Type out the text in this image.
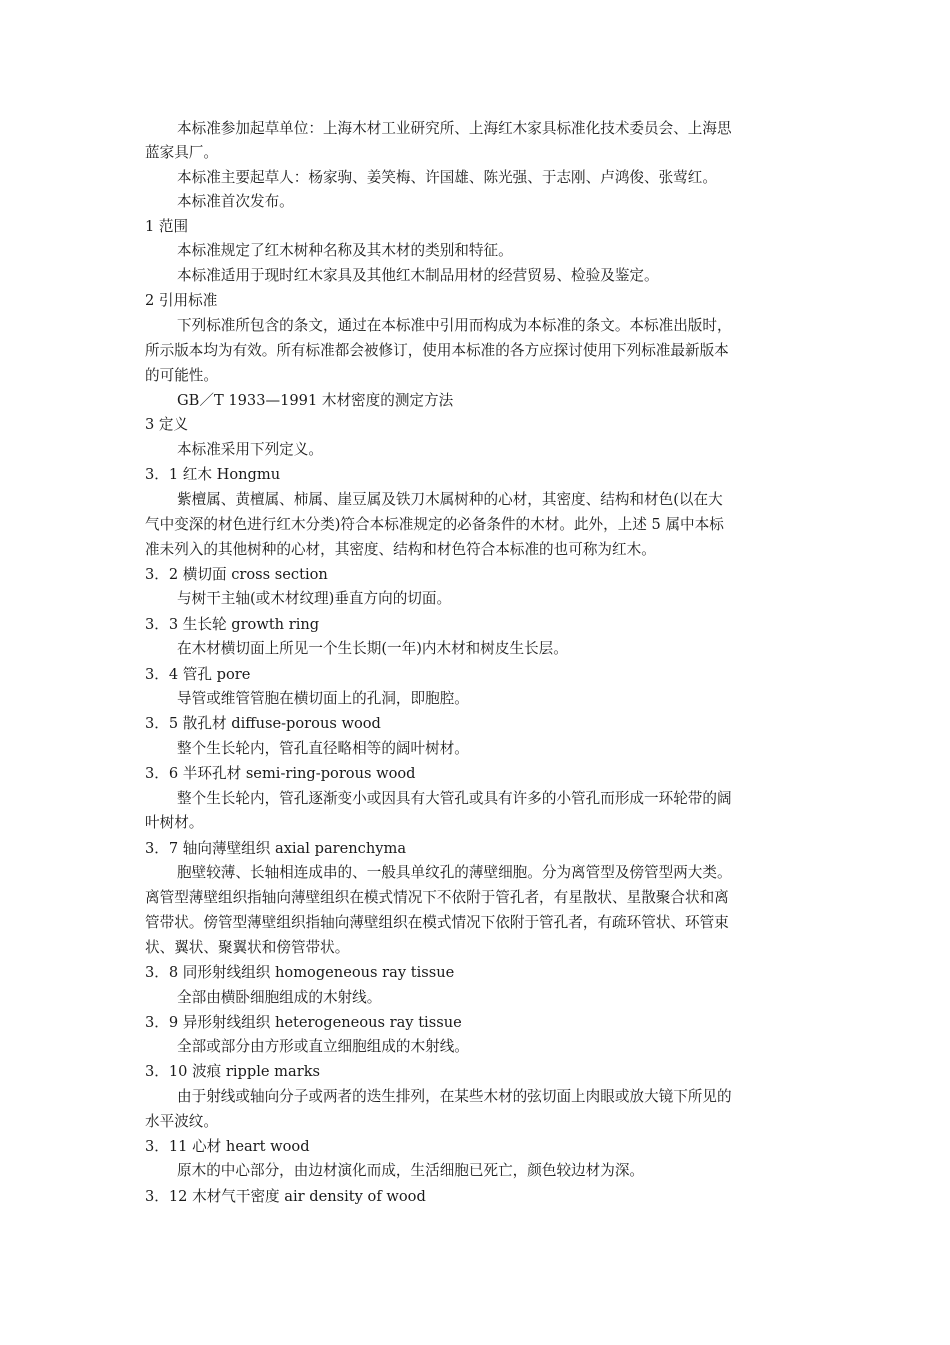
本标准参加起草单位：上海木材工业研究所、上海红木家具标准化技术委员会、上海思
蓝家具厂。
本标准主要起草人：杨家驹、姜笑梅、许国雄、陈光强、于志刚、卢鸿俊、张莺红。
本标准首次发布。
1 范围
本标准规定了红木树种名称及其木材的类别和特征。
本标准适用于现时红木家具及其他红木制品用材的经营贸易、检验及鉴定。
2 引用标准
下列标准所包含的条文，通过在本标准中引用而构成为本标准的条文。本标准出版时，
所示版本均为有效。所有标准都会被修订，使用本标准的各方应探讨使用下列标准最新版本
的可能性。
GB／T 1933—1991 木材密度的测定方法
3 定义
本标准采用下列定义。
3．1 红木 Hongmu
紫檀属、黄檀属、柿属、崖豆属及铁刀木属树种的心材，其密度、结构和材色(以在大
气中变深的材色进行红木分类)符合本标准规定的必备条件的木材。此外，上述 5 属中本标
准未列入的其他树种的心材，其密度、结构和材色符合本标准的也可称为红木。
3．2 横切面 cross section
与树干主轴(或木材纹理)垂直方向的切面。
3．3 生长轮 growth ring
在木材横切面上所见一个生长期(一年)内木材和树皮生长层。
3．4 管孔 pore
导管或维管管胞在横切面上的孔洞，即胞腔。
3．5 散孔材 diffuse-porous wood
整个生长轮内，管孔直径略相等的阔叶树材。
3．6 半环孔材 semi-ring-porous wood
整个生长轮内，管孔逐渐变小或因具有大管孔或具有许多的小管孔而形成一环轮带的阔
叶树材。
3．7 轴向薄壁组织 axial parenchyma
胞壁较薄、长轴相连成串的、一般具单纹孔的薄壁细胞。分为离管型及傍管型两大类。
离管型薄壁组织指轴向薄壁组织在模式情况下不依附于管孔者，有星散状、星散聚合状和离
管带状。傍管型薄壁组织指轴向薄壁组织在模式情况下依附于管孔者，有疏环管状、环管束
状、翼状、聚翼状和傍管带状。
3．8 同形射线组织 homogeneous ray tissue
全部由横卧细胞组成的木射线。
3．9 异形射线组织 heterogeneous ray tissue
全部或部分由方形或直立细胞组成的木射线。
3．10 波痕 ripple marks
由于射线或轴向分子或两者的迭生排列，在某些木材的弦切面上肉眼或放大镜下所见的
水平波纹。
3．11 心材 heart wood
原木的中心部分，由边材演化而成，生活细胞已死亡，颜色较边材为深。
3．12 木材气干密度 air density of wood
